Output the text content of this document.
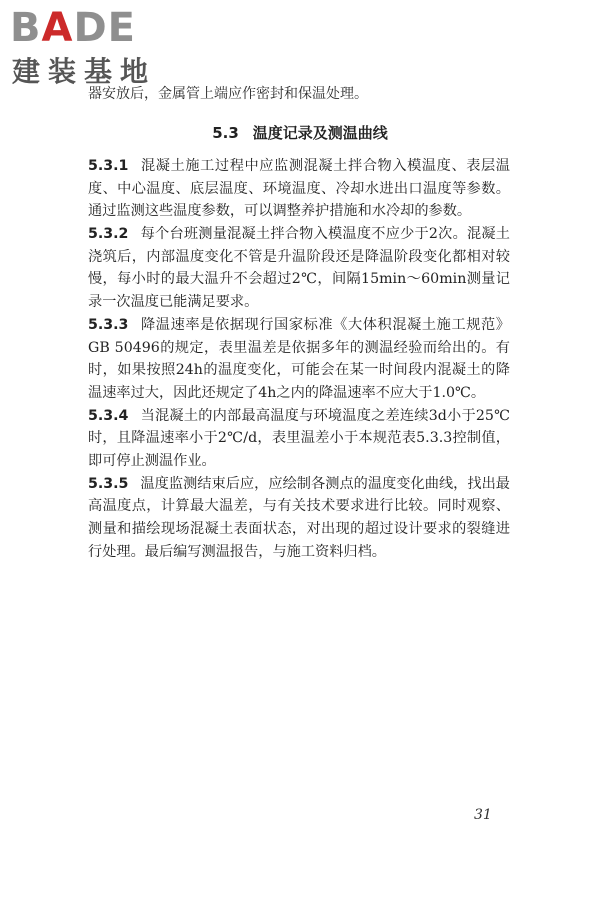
BADE
建装基地
器安放后，金属管上端应作密封和保温处理。
5.3 温度记录及测温曲线

5.3.1 混凝土施工过程中应监测混凝土拌合物入模温度、表层温度、中心温度、底层温度、环境温度、冷却水进出口温度等参数。通过监测这些温度参数，可以调整养护措施和水冷却的参数。

5.3.2 每个台班测量混凝土拌合物入模温度不应少于2次。混凝土浇筑后，内部温度变化不管是升温阶段还是降温阶段变化都相对较慢，每小时的最大温升不会超过2℃，间隔15min～60min测量记录一次温度已能满足要求。

5.3.3 降温速率是依据现行国家标准《大体积混凝土施工规范》GB 50496的规定，表里温差是依据多年的测温经验而给出的。有时，如果按照24h的温度变化，可能会在某一时间段内混凝土的降温速率过大，因此还规定了4h之内的降温速率不应大于1.0℃。

5.3.4 当混凝土的内部最高温度与环境温度之差连续3d小于25℃时，且降温速率小于2℃/d，表里温差小于本规范表5.3.3控制值，即可停止测温作业。

5.3.5 温度监测结束后应，应绘制各测点的温度变化曲线，找出最高温度点，计算最大温差，与有关技术要求进行比较。同时观察、测量和描绘现场混凝土表面状态，对出现的超过设计要求的裂缝进行处理。最后编写测温报告，与施工资料归档。

31
